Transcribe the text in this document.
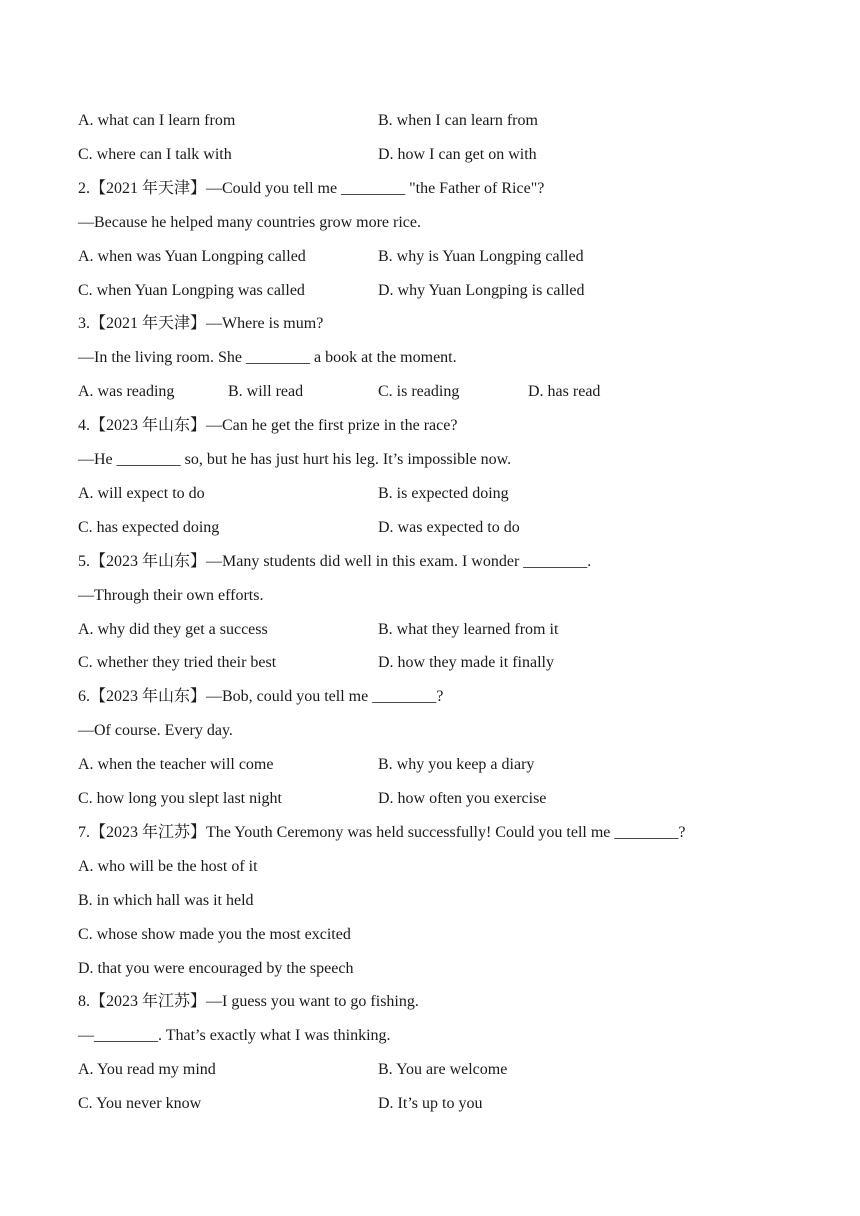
A. what can I learn from	B. when I can learn from
C. where can I talk with	D. how I can get on with
2.【2021 年天津】—Could you tell me ________ "the Father of Rice"?
—Because he helped many countries grow more rice.
A. when was Yuan Longping called	B. why is Yuan Longping called
C. when Yuan Longping was called	D. why Yuan Longping is called
3.【2021 年天津】—Where is mum?
—In the living room. She ________ a book at the moment.
A. was reading	B. will read	C. is reading	D. has read
4.【2023 年山东】—Can he get the first prize in the race?
—He ________ so, but he has just hurt his leg. It’s impossible now.
A. will expect to do	B. is expected doing
C. has expected doing	D. was expected to do
5.【2023 年山东】—Many students did well in this exam. I wonder ________.
—Through their own efforts.
A. why did they get a success	B. what they learned from it
C. whether they tried their best	D. how they made it finally
6.【2023 年山东】—Bob, could you tell me ________?
—Of course. Every day.
A. when the teacher will come	B. why you keep a diary
C. how long you slept last night	D. how often you exercise
7.【2023 年江苏】The Youth Ceremony was held successfully! Could you tell me ________?
A. who will be the host of it
B. in which hall was it held
C. whose show made you the most excited
D. that you were encouraged by the speech
8.【2023 年江苏】—I guess you want to go fishing.
—________. That’s exactly what I was thinking.
A. You read my mind	B. You are welcome
C. You never know	D. It’s up to you
